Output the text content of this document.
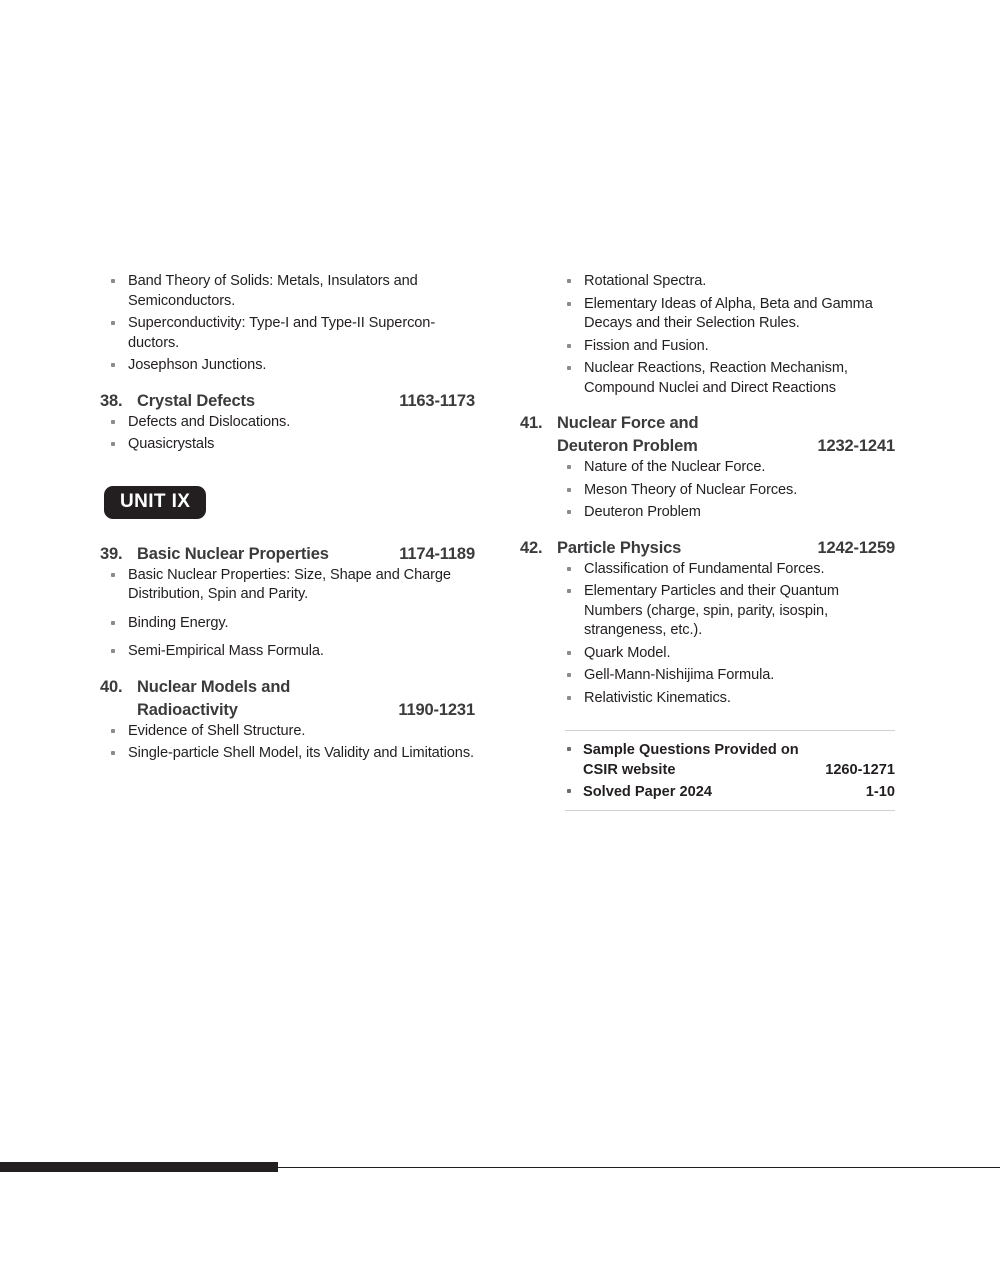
Band Theory of Solids: Metals, Insulators and Semiconductors.
Superconductivity: Type-I and Type-II Supercon-ductors.
Josephson Junctions.
38. Crystal Defects	1163-1173
Defects and Dislocations.
Quasicrystals
UNIT IX
39. Basic Nuclear Properties	1174-1189
Basic Nuclear Properties: Size, Shape and Charge Distribution, Spin and Parity.
Binding Energy.
Semi-Empirical Mass Formula.
40. Nuclear Models and
Radioactivity	1190-1231
Evidence of Shell Structure.
Single-particle Shell Model, its Validity and Limitations.
Rotational Spectra.
Elementary Ideas of Alpha, Beta and Gamma Decays and their Selection Rules.
Fission and Fusion.
Nuclear Reactions, Reaction Mechanism, Compound Nuclei and Direct Reactions
41. Nuclear Force and
Deuteron Problem	1232-1241
Nature of the Nuclear Force.
Meson Theory of Nuclear Forces.
Deuteron Problem
42. Particle Physics	1242-1259
Classification of Fundamental Forces.
Elementary Particles and their Quantum Numbers (charge, spin, parity, isospin, strangeness, etc.).
Quark Model.
Gell-Mann-Nishijima Formula.
Relativistic Kinematics.
Sample Questions Provided on
CSIR website	1260-1271
Solved Paper 2024	1-10
